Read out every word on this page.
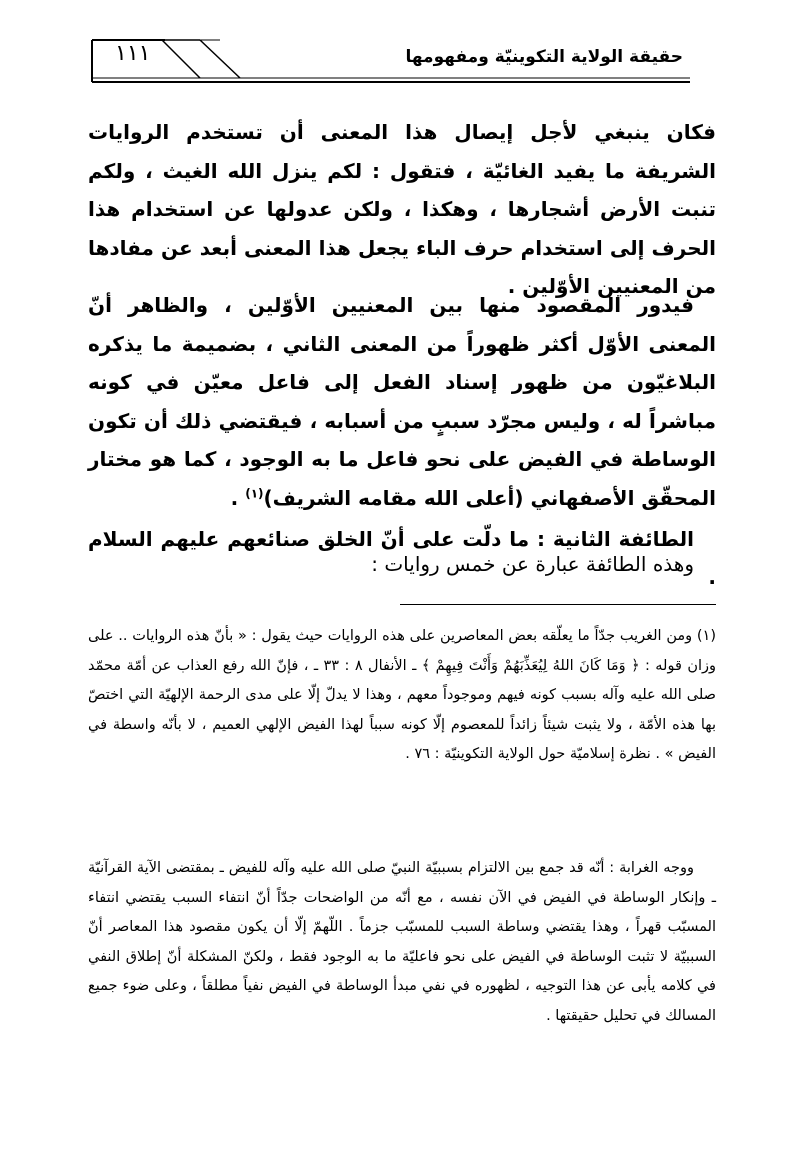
١١١	حقيقة الولاية التكوينيّة ومفهومها

فكان ينبغي لأجل إيصال هذا المعنى أن تستخدم الروايات الشريفة ما يفيد الغائيّة ، فتقول : لكم ينزل الله الغيث ، ولكم تنبت الأرض أشجارها ، وهكذا ، ولكن عدولها عن استخدام هذا الحرف إلى استخدام حرف الباء يجعل هذا المعنى أبعد عن مفادها من المعنيين الأوّلين .

فيدور المقصود منها بين المعنيين الأوّلين ، والظاهر أنّ المعنى الأوّل أكثر ظهوراً من المعنى الثاني ، بضميمة ما يذكره البلاغيّون من ظهور إسناد الفعل إلى فاعل معيّن في كونه مباشراً له ، وليس مجرّد سببٍ من أسبابه ، فيقتضي ذلك أن تكون الوساطة في الفيض على نحو فاعل ما به الوجود ، كما هو مختار المحقّق الأصفهاني (أعلى الله مقامه الشريف)$^{(١)}$ .

الطائفة الثانية : ما دلّت على أنّ الخلق صنائعهم عليهم السلام .

وهذه الطائفة عبارة عن خمس روايات :

(١) ومن الغريب جدّاً ما يعلّقه بعض المعاصرين على هذه الروايات حيث يقول : « بأنّ هذه الروايات .. على وزان قوله : ﴿ وَمَا كَانَ اللهُ لِيُعَذِّبَهُمْ وَأَنْتَ فِيهِمْ ﴾ ـ الأنفال ٨ : ٣٣ ـ ، فإنّ الله رفع العذاب عن أمّة محمّد صلى الله عليه وآله بسبب كونه فيهم وموجوداً معهم ، وهذا لا يدلّ إلّا على مدى الرحمة الإلهيّة التي اختصّ بها هذه الأمّة ، ولا يثبت شيئاً زائداً للمعصوم إلّا كونه سبباً لهذا الفيض الإلهي العميم ، لا بأنّه واسطة في الفيض » . نظرة إسلاميّة حول الولاية التكوينيّة : ٧٦ .

ووجه الغرابة : أنّه قد جمع بين الالتزام بسببيّة النبيّ صلى الله عليه وآله للفيض ـ بمقتضى الآية القرآنيّة ـ وإنكار الوساطة في الفيض في الآن نفسه ، مع أنّه من الواضحات جدّاً أنّ انتفاء السبب يقتضي انتفاء المسبّب قهراً ، وهذا يقتضي وساطة السبب للمسبّب جزماً . اللّهمّ إلّا أن يكون مقصود هذا المعاصر أنّ السببيّة لا تثبت الوساطة في الفيض على نحو فاعليّة ما به الوجود فقط ، ولكنّ المشكلة أنّ إطلاق النفي في كلامه يأبى عن هذا التوجيه ، لظهوره في نفي مبدأ الوساطة في الفيض نفياً مطلقاً ، وعلى ضوء جميع المسالك في تحليل حقيقتها .
